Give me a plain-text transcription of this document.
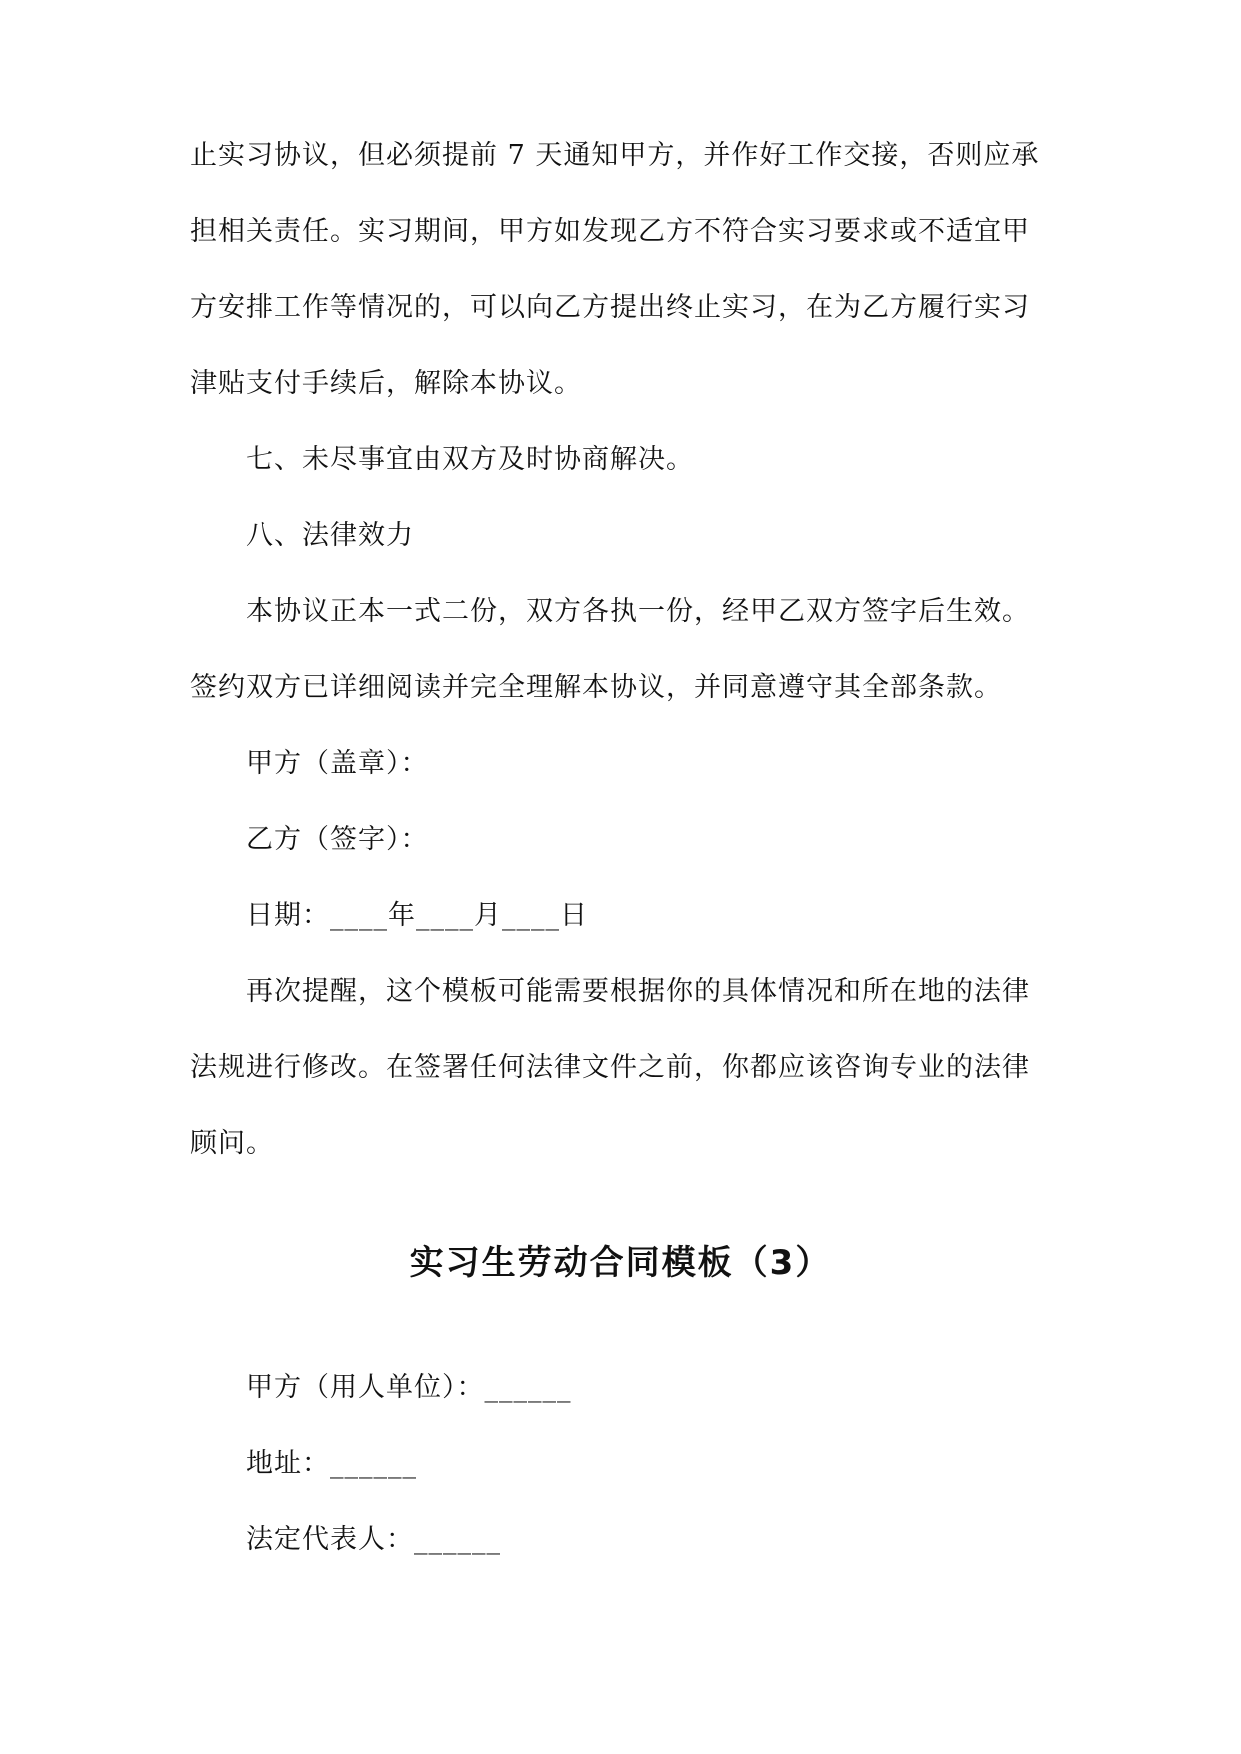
止实习协议，但必须提前 7 天通知甲方，并作好工作交接，否则应承
担相关责任。实习期间，甲方如发现乙方不符合实习要求或不适宜甲
方安排工作等情况的，可以向乙方提出终止实习，在为乙方履行实习
津贴支付手续后，解除本协议。
七、未尽事宜由双方及时协商解决。
八、法律效力
本协议正本一式二份，双方各执一份，经甲乙双方签字后生效。
签约双方已详细阅读并完全理解本协议，并同意遵守其全部条款。
甲方（盖章）：
乙方（签字）：
日期：____年____月____日
再次提醒，这个模板可能需要根据你的具体情况和所在地的法律
法规进行修改。在签署任何法律文件之前，你都应该咨询专业的法律
顾问。
实习生劳动合同模板（3）
甲方（用人单位）：______
地址：______
法定代表人：______
